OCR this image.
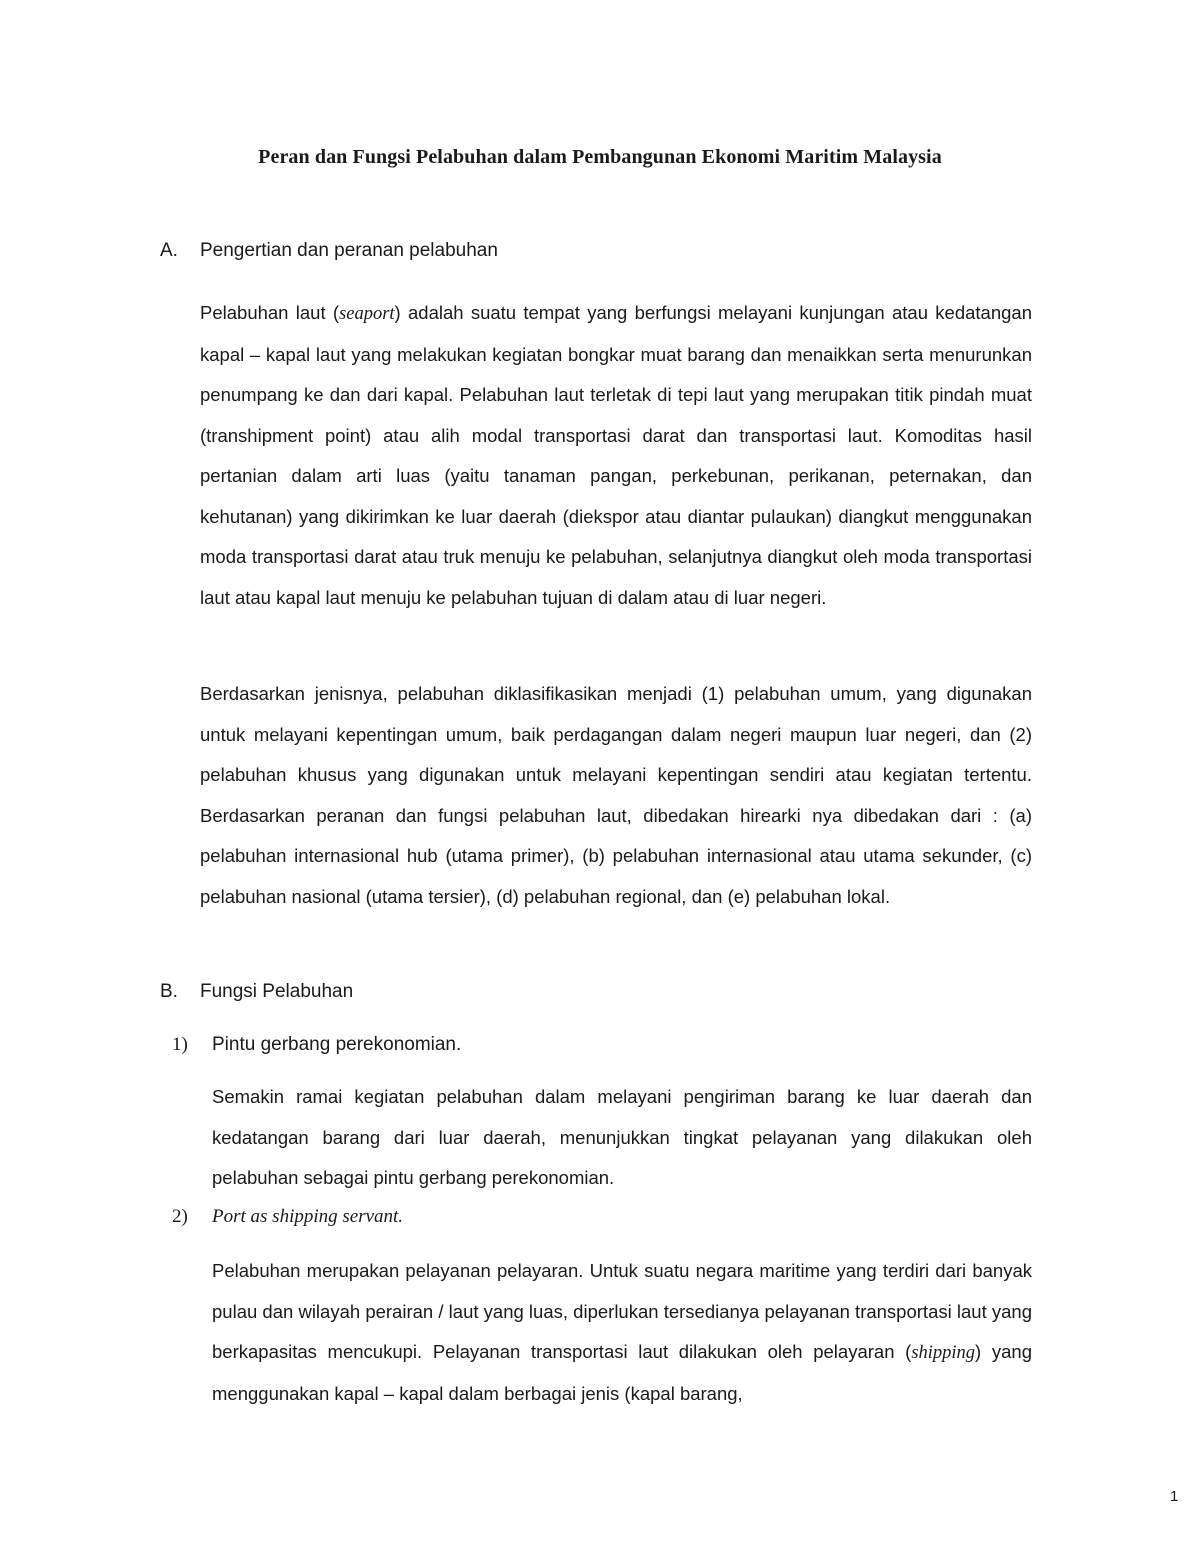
Peran dan Fungsi Pelabuhan dalam Pembangunan Ekonomi Maritim Malaysia
A. Pengertian dan peranan pelabuhan

Pelabuhan laut (seaport) adalah suatu tempat yang berfungsi melayani kunjungan atau kedatangan kapal – kapal laut yang melakukan kegiatan bongkar muat barang dan menaikkan serta menurunkan penumpang ke dan dari kapal. Pelabuhan laut terletak di tepi laut yang merupakan titik pindah muat (transhipment point) atau alih modal transportasi darat dan transportasi laut. Komoditas hasil pertanian dalam arti luas (yaitu tanaman pangan, perkebunan, perikanan, peternakan, dan kehutanan) yang dikirimkan ke luar daerah (diekspor atau diantar pulaukan) diangkut menggunakan moda transportasi darat atau truk menuju ke pelabuhan, selanjutnya diangkut oleh moda transportasi laut atau kapal laut menuju ke pelabuhan tujuan di dalam atau di luar negeri.

Berdasarkan jenisnya, pelabuhan diklasifikasikan menjadi (1) pelabuhan umum, yang digunakan untuk melayani kepentingan umum, baik perdagangan dalam negeri maupun luar negeri, dan (2) pelabuhan khusus yang digunakan untuk melayani kepentingan sendiri atau kegiatan tertentu. Berdasarkan peranan dan fungsi pelabuhan laut, dibedakan hirearki nya dibedakan dari : (a) pelabuhan internasional hub (utama primer), (b) pelabuhan internasional atau utama sekunder, (c) pelabuhan nasional (utama tersier), (d) pelabuhan regional, dan (e) pelabuhan lokal.

B. Fungsi Pelabuhan
1) Pintu gerbang perekonomian.

Semakin ramai kegiatan pelabuhan dalam melayani pengiriman barang ke luar daerah dan kedatangan barang dari luar daerah, menunjukkan tingkat pelayanan yang dilakukan oleh pelabuhan sebagai pintu gerbang perekonomian.

2) Port as shipping servant.

Pelabuhan merupakan pelayanan pelayaran. Untuk suatu negara maritime yang terdiri dari banyak pulau dan wilayah perairan / laut yang luas, diperlukan tersedianya pelayanan transportasi laut yang berkapasitas mencukupi. Pelayanan transportasi laut dilakukan oleh pelayaran (shipping) yang menggunakan kapal – kapal dalam berbagai jenis (kapal barang,

1
